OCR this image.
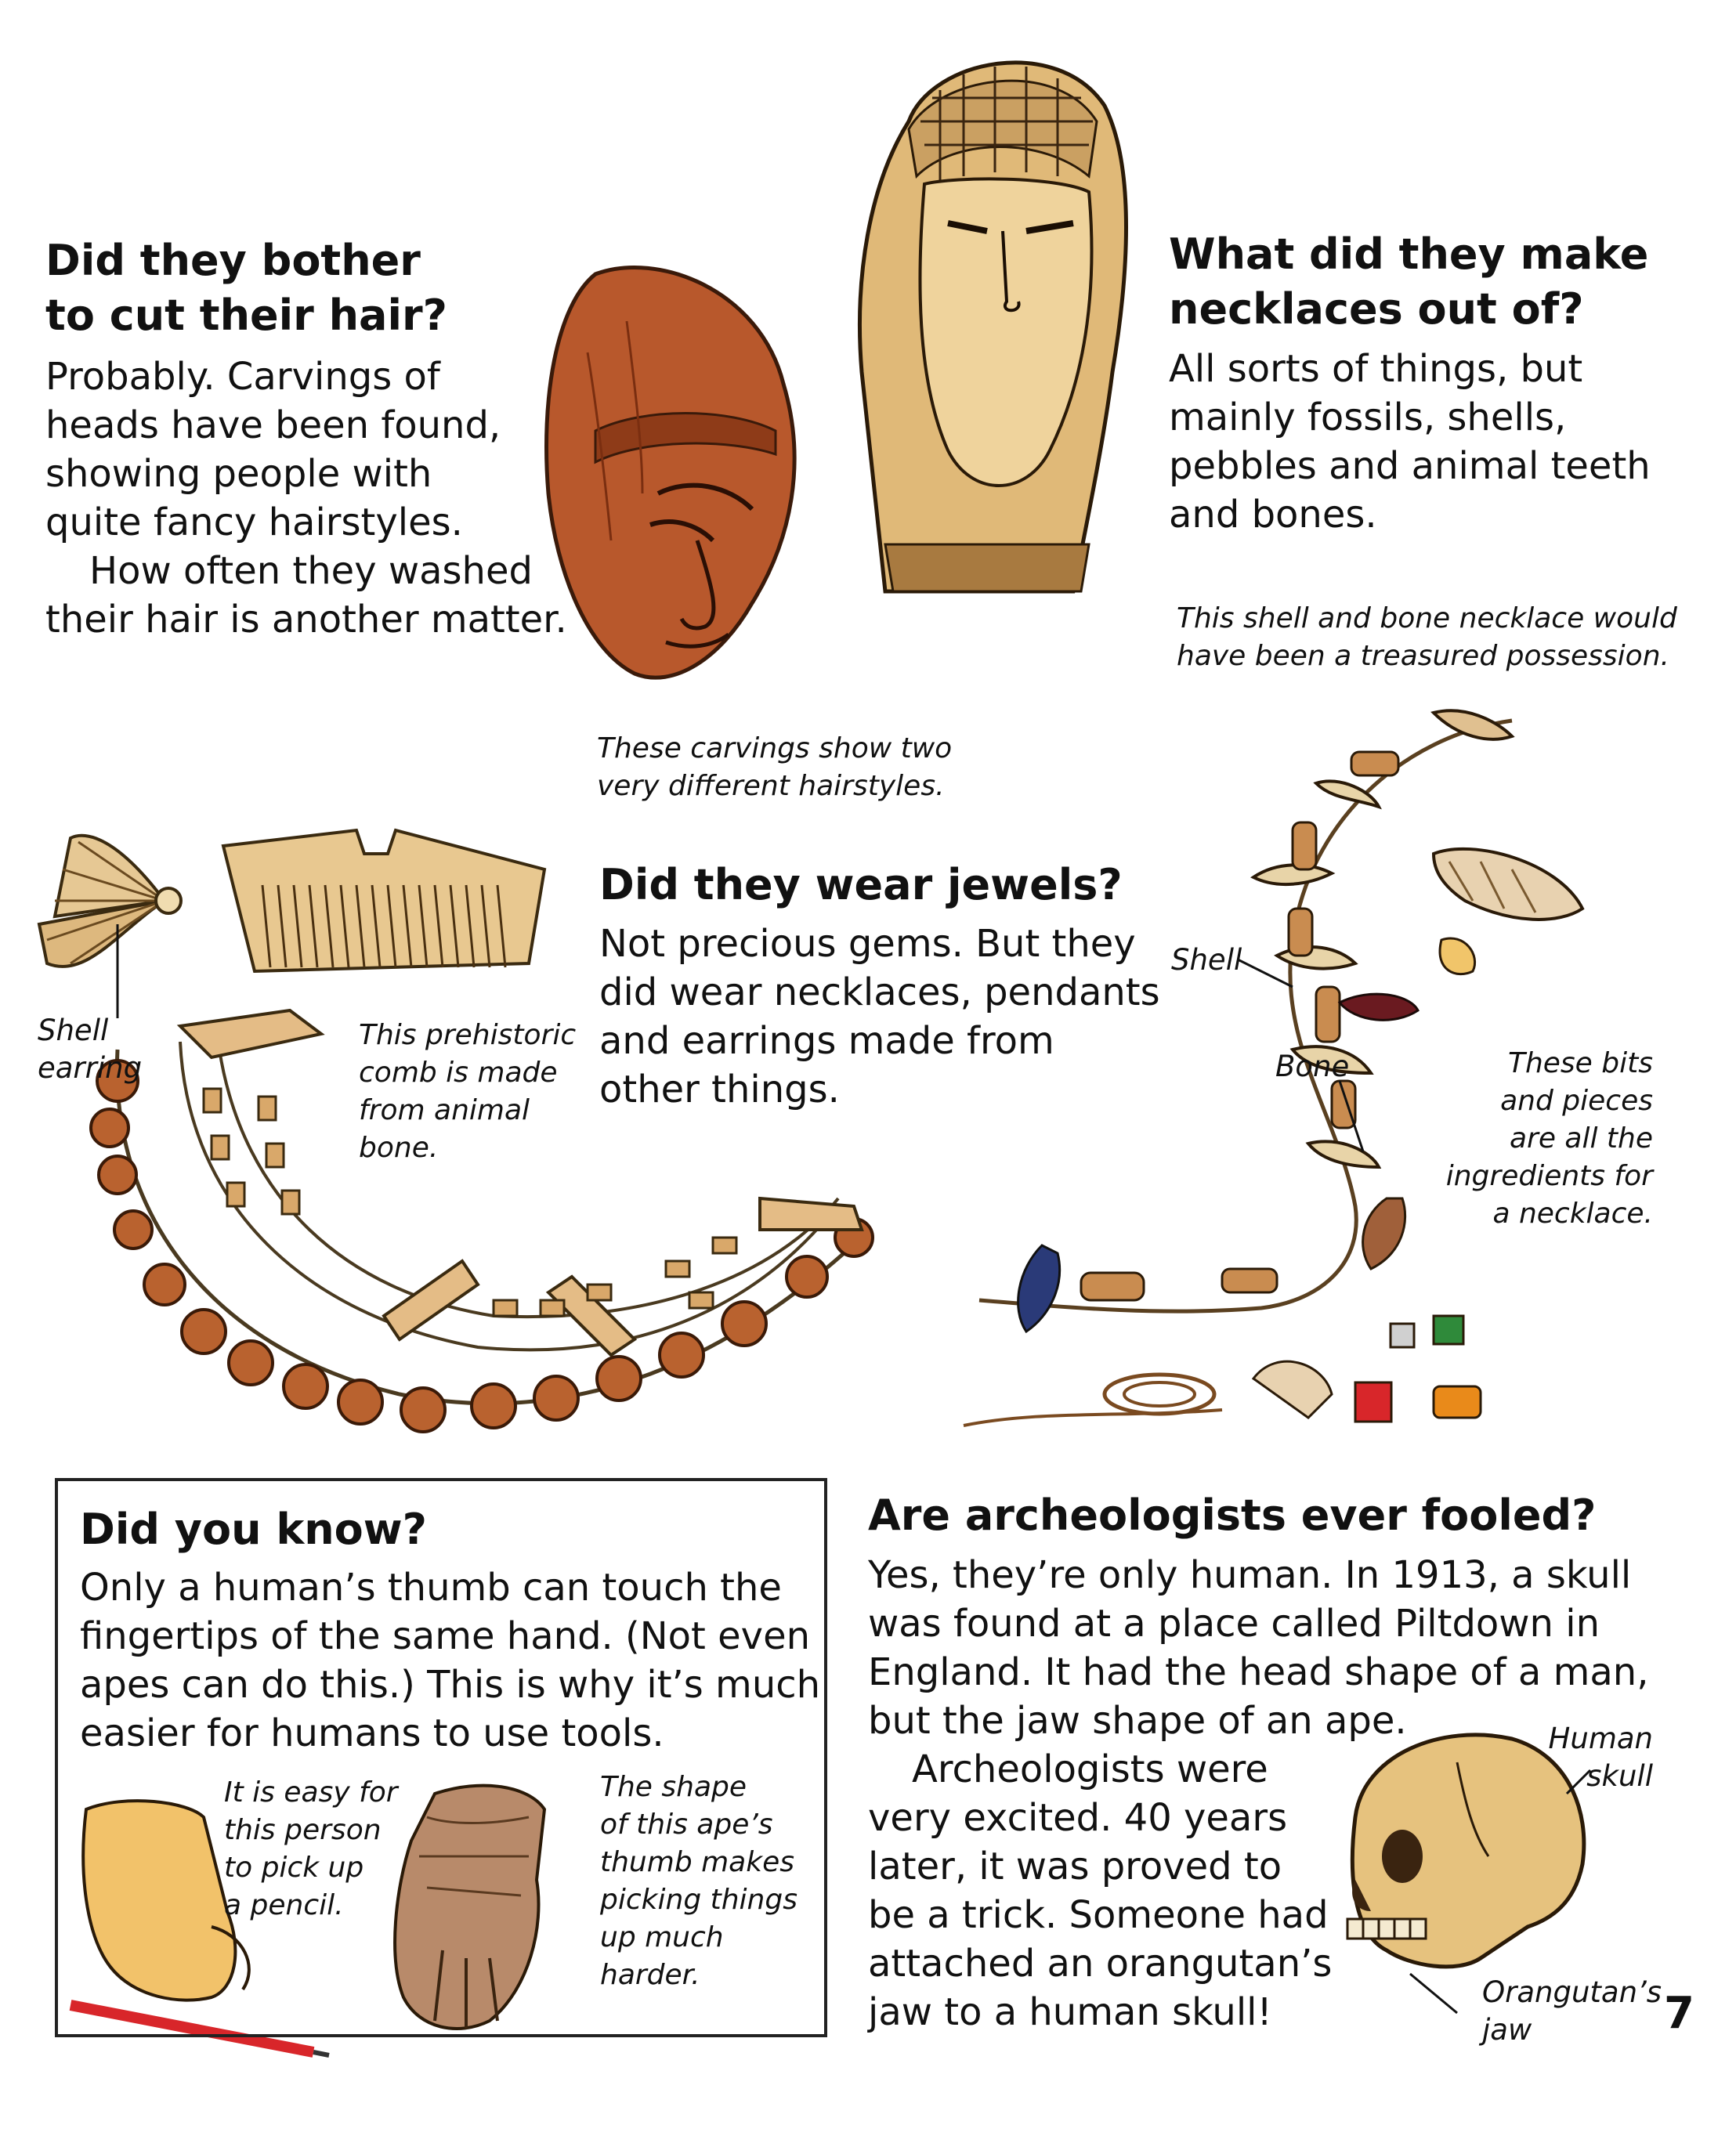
Did they bother
to cut their hair?
Probably. Carvings of
heads have been found,
showing people with
quite fancy hairstyles.
How often they washed
their hair is another matter.
What did they make
necklaces out of?
All sorts of things, but
mainly fossils, shells,
pebbles and animal teeth
and bones.
This shell and bone necklace would
have been a treasured possession.
These carvings show two
very different hairstyles.
Did they wear jewels?
Not precious gems. But they
did wear necklaces, pendants
and earrings made from
other things.
Shell
earring
This prehistoric
comb is made
from animal
bone.
Shell
Bone	These bits
and pieces
are all the
ingredients for
a necklace.
Did you know?
Only a human’s thumb can touch the
fingertips of the same hand. (Not even
apes can do this.) This is why it’s much
easier for humans to use tools.
It is easy for
this person
to pick up
a pencil.
The shape
of this ape’s
thumb makes
picking things
up much
harder.
Are archeologists ever fooled?
Yes, they’re only human. In 1913, a skull
was found at a place called Piltdown in
England. It had the head shape of a man,
but the jaw shape of an ape.
Archeologists were
very excited. 40 years
later, it was proved to
be a trick. Someone had
attached an orangutan’s
jaw to a human skull!
Human
skull
Orangutan’s
jaw	7
